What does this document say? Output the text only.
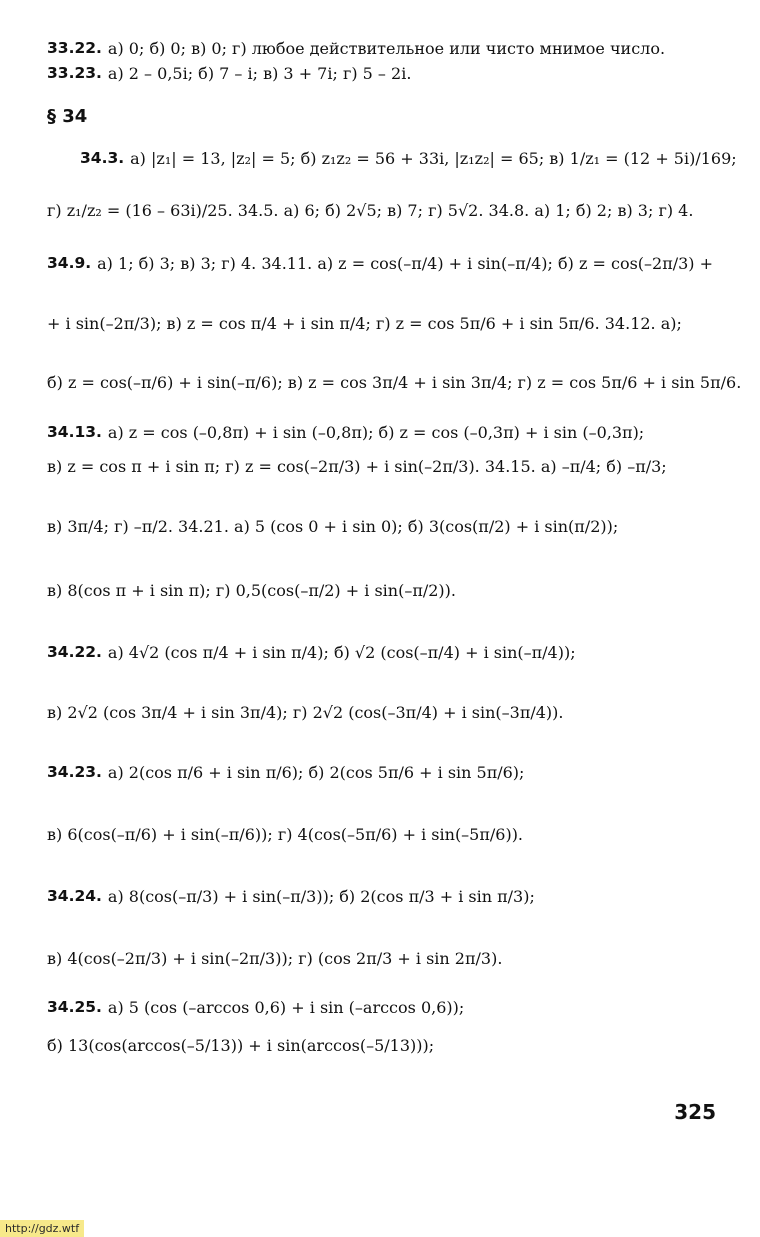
§ 34
33.22. а) 0; б) 0; в) 0; г) любое действительное или чисто мнимое число.
33.23. а) 2 – 0,5i; б) 7 – i; в) 3 + 7i; г) 5 – 2i.
34.3. а) |z₁| = 13, |z₂| = 5; б) z₁z₂ = 56 + 33i, |z₁z₂| = 65; в) 1/z₁ = (12 + 5i)/169;
г) z₁/z₂ = (16 – 63i)/25. 34.5. а) 6; б) 2√5; в) 7; г) 5√2. 34.8. а) 1; б) 2; в) 3; г) 4.
34.9. а) 1; б) 3; в) 3; г) 4. 34.11. а) z = cos(–π/4) + i sin(–π/4); б) z = cos(–2π/3) +
+ i sin(–2π/3); в) z = cos π/4 + i sin π/4; г) z = cos 5π/6 + i sin 5π/6. 34.12. а);
б) z = cos(–π/6) + i sin(–π/6); в) z = cos 3π/4 + i sin 3π/4; г) z = cos 5π/6 + i sin 5π/6.
34.13. а) z = cos (–0,8π) + i sin (–0,8π); б) z = cos (–0,3π) + i sin (–0,3π);
в) z = cos π + i sin π; г) z = cos(–2π/3) + i sin(–2π/3). 34.15. а) –π/4; б) –π/3;
в) 3π/4; г) –π/2. 34.21. а) 5 (cos 0 + i sin 0); б) 3(cos(π/2) + i sin(π/2));
в) 8(cos π + i sin π); г) 0,5(cos(–π/2) + i sin(–π/2)).
34.22. а) 4√2 (cos π/4 + i sin π/4); б) √2 (cos(–π/4) + i sin(–π/4));
в) 2√2 (cos 3π/4 + i sin 3π/4); г) 2√2 (cos(–3π/4) + i sin(–3π/4)).
34.23. а) 2(cos π/6 + i sin π/6); б) 2(cos 5π/6 + i sin 5π/6);
в) 6(cos(–π/6) + i sin(–π/6)); г) 4(cos(–5π/6) + i sin(–5π/6)).
34.24. а) 8(cos(–π/3) + i sin(–π/3)); б) 2(cos π/3 + i sin π/3);
в) 4(cos(–2π/3) + i sin(–2π/3)); г) (cos 2π/3 + i sin 2π/3).
34.25. а) 5 (cos (–arccos 0,6) + i sin (–arccos 0,6));
б) 13(cos(arccos(–5/13)) + i sin(arccos(–5/13)));
325
http://gdz.wtf
